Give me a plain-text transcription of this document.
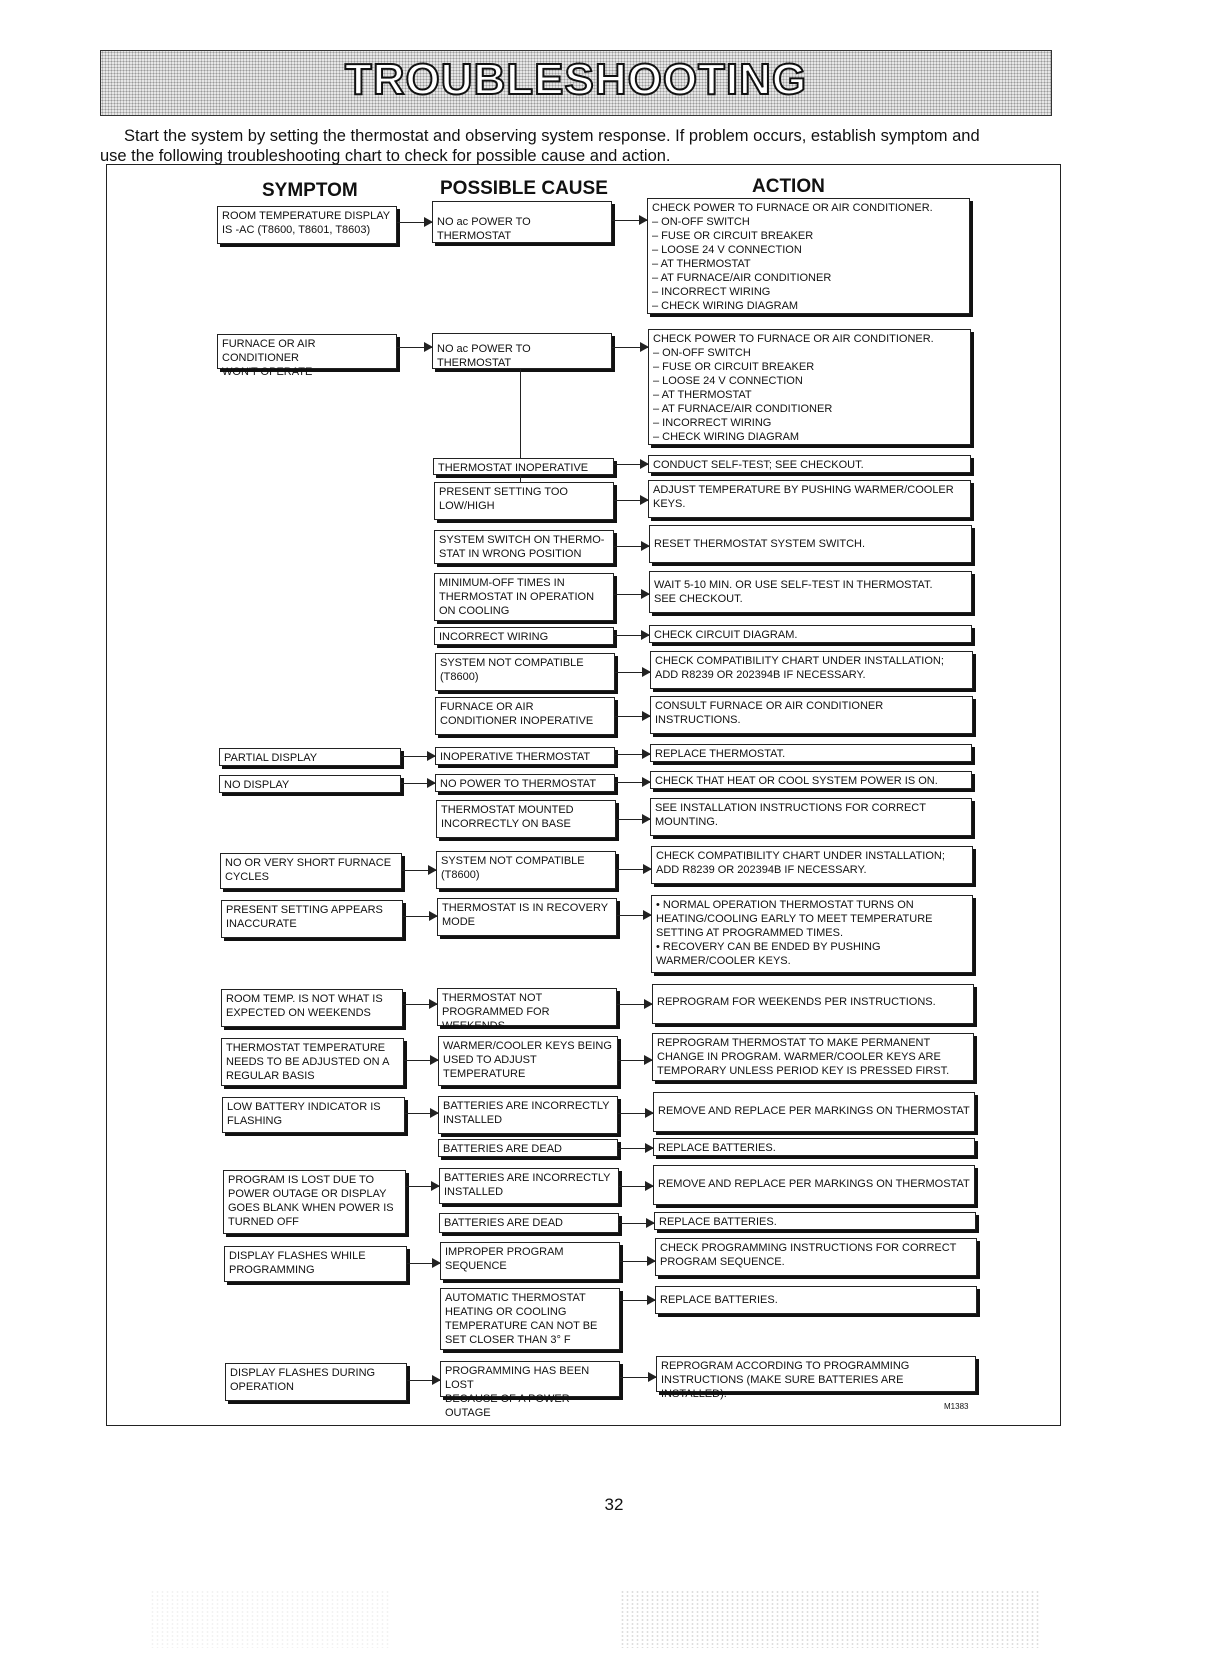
TROUBLESHOOTING

Start the system by setting the thermostat and observing system response. If problem occurs, establish symptom and

use the following troubleshooting chart to check for possible cause and action.

SYMPTOM	POSSIBLE CAUSE	ACTION
ROOM TEMPERATURE DISPLAY
IS -AC (T8600, T8601, T8603)
FURNACE OR AIR CONDITIONER
WON'T OPERATE
PARTIAL DISPLAY
NO DISPLAY
NO OR VERY SHORT FURNACE
CYCLES
PRESENT SETTING APPEARS
INACCURATE
ROOM TEMP. IS NOT WHAT IS
EXPECTED ON WEEKENDS
THERMOSTAT TEMPERATURE
NEEDS TO BE ADJUSTED ON A
REGULAR BASIS
LOW BATTERY INDICATOR IS
FLASHING
PROGRAM IS LOST DUE TO
POWER OUTAGE OR DISPLAY
GOES BLANK WHEN POWER IS
TURNED OFF
DISPLAY FLASHES WHILE
PROGRAMMING
DISPLAY FLASHES DURING
OPERATION
NO ac POWER TO THERMOSTAT
NO ac POWER TO THERMOSTAT
THERMOSTAT INOPERATIVE
PRESENT SETTING TOO
LOW/HIGH
SYSTEM SWITCH ON THERMO-
STAT IN WRONG POSITION
MINIMUM-OFF TIMES IN
THERMOSTAT IN OPERATION
ON COOLING
INCORRECT WIRING
SYSTEM NOT COMPATIBLE
(T8600)
FURNACE OR AIR
CONDITIONER INOPERATIVE
INOPERATIVE THERMOSTAT
NO POWER TO THERMOSTAT
THERMOSTAT MOUNTED
INCORRECTLY ON BASE
SYSTEM NOT COMPATIBLE
(T8600)
THERMOSTAT IS IN RECOVERY
MODE
THERMOSTAT NOT
PROGRAMMED FOR WEEKENDS
WARMER/COOLER KEYS BEING
USED TO ADJUST
TEMPERATURE
BATTERIES ARE INCORRECTLY
INSTALLED
BATTERIES ARE DEAD
BATTERIES ARE INCORRECTLY
INSTALLED
BATTERIES ARE DEAD
IMPROPER PROGRAM
SEQUENCE
AUTOMATIC THERMOSTAT
HEATING OR COOLING
TEMPERATURE CAN NOT BE
SET CLOSER THAN 3° F
PROGRAMMING HAS BEEN LOST
BECAUSE OF A POWER OUTAGE
CHECK POWER TO FURNACE OR AIR CONDITIONER.
– ON-OFF SWITCH
– FUSE OR CIRCUIT BREAKER
– LOOSE 24 V CONNECTION
– AT THERMOSTAT
– AT FURNACE/AIR CONDITIONER
– INCORRECT WIRING
– CHECK WIRING DIAGRAM
CHECK POWER TO FURNACE OR AIR CONDITIONER.
– ON-OFF SWITCH
– FUSE OR CIRCUIT BREAKER
– LOOSE 24 V CONNECTION
– AT THERMOSTAT
– AT FURNACE/AIR CONDITIONER
– INCORRECT WIRING
– CHECK WIRING DIAGRAM
CONDUCT SELF-TEST; SEE CHECKOUT.
ADJUST TEMPERATURE BY PUSHING WARMER/COOLER
KEYS.
RESET THERMOSTAT SYSTEM SWITCH.
WAIT 5-10 MIN. OR USE SELF-TEST IN THERMOSTAT.
SEE CHECKOUT.
CHECK CIRCUIT DIAGRAM.
CHECK COMPATIBILITY CHART UNDER INSTALLATION;
ADD R8239 OR 202394B IF NECESSARY.
CONSULT FURNACE OR AIR CONDITIONER
INSTRUCTIONS.
REPLACE THERMOSTAT.
CHECK THAT HEAT OR COOL SYSTEM POWER IS ON.
SEE INSTALLATION INSTRUCTIONS FOR CORRECT
MOUNTING.
CHECK COMPATIBILITY CHART UNDER INSTALLATION;
ADD R8239 OR 202394B IF NECESSARY.
• NORMAL OPERATION THERMOSTAT TURNS ON
HEATING/COOLING EARLY TO MEET TEMPERATURE
SETTING AT PROGRAMMED TIMES.
• RECOVERY CAN BE ENDED BY PUSHING
WARMER/COOLER KEYS.
REPROGRAM FOR WEEKENDS PER INSTRUCTIONS.
REPROGRAM THERMOSTAT TO MAKE PERMANENT
CHANGE IN PROGRAM. WARMER/COOLER KEYS ARE
TEMPORARY UNLESS PERIOD KEY IS PRESSED FIRST.
REMOVE AND REPLACE PER MARKINGS ON THERMOSTAT
REPLACE BATTERIES.
REMOVE AND REPLACE PER MARKINGS ON THERMOSTAT
REPLACE BATTERIES.
CHECK PROGRAMMING INSTRUCTIONS FOR CORRECT
PROGRAM SEQUENCE.
REPLACE BATTERIES.
REPROGRAM ACCORDING TO PROGRAMMING
INSTRUCTIONS (MAKE SURE BATTERIES ARE INSTALLED).
M1383
32
